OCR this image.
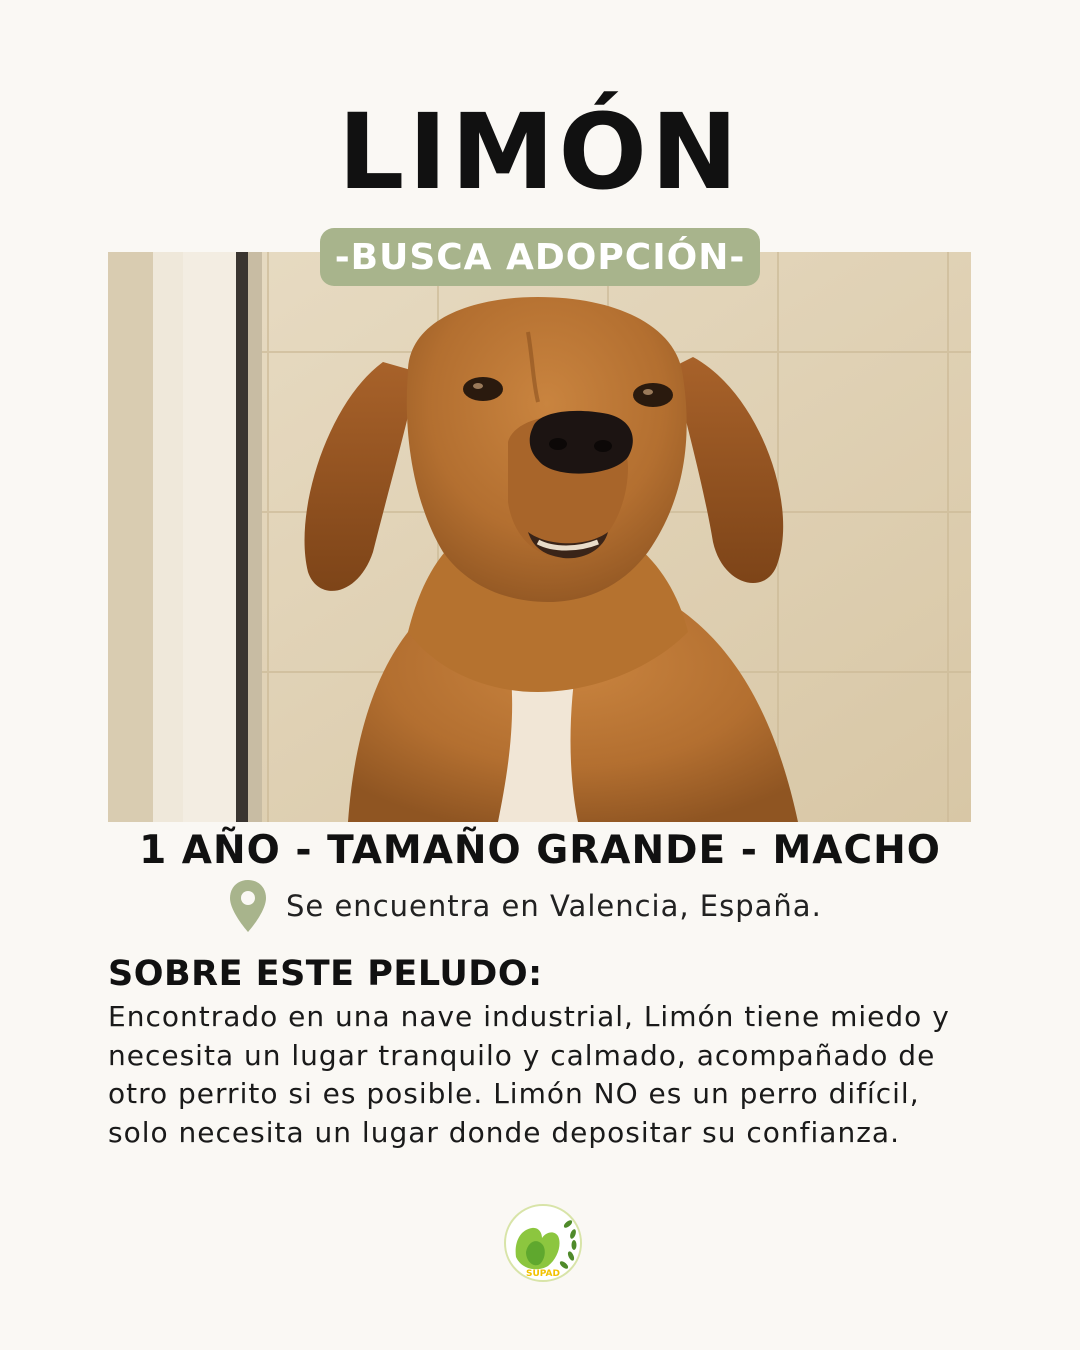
LIMÓN
-BUSCA ADOPCIÓN-
1 AÑO - TAMAÑO GRANDE - MACHO
Se encuentra en Valencia, España.
SOBRE ESTE PELUDO:
Encontrado en una nave industrial, Limón tiene miedo y necesita un lugar tranquilo y calmado, acompañado de otro perrito si es posible. Limón NO es un perro difícil, solo necesita un lugar donde depositar su confianza.
SUPAD
